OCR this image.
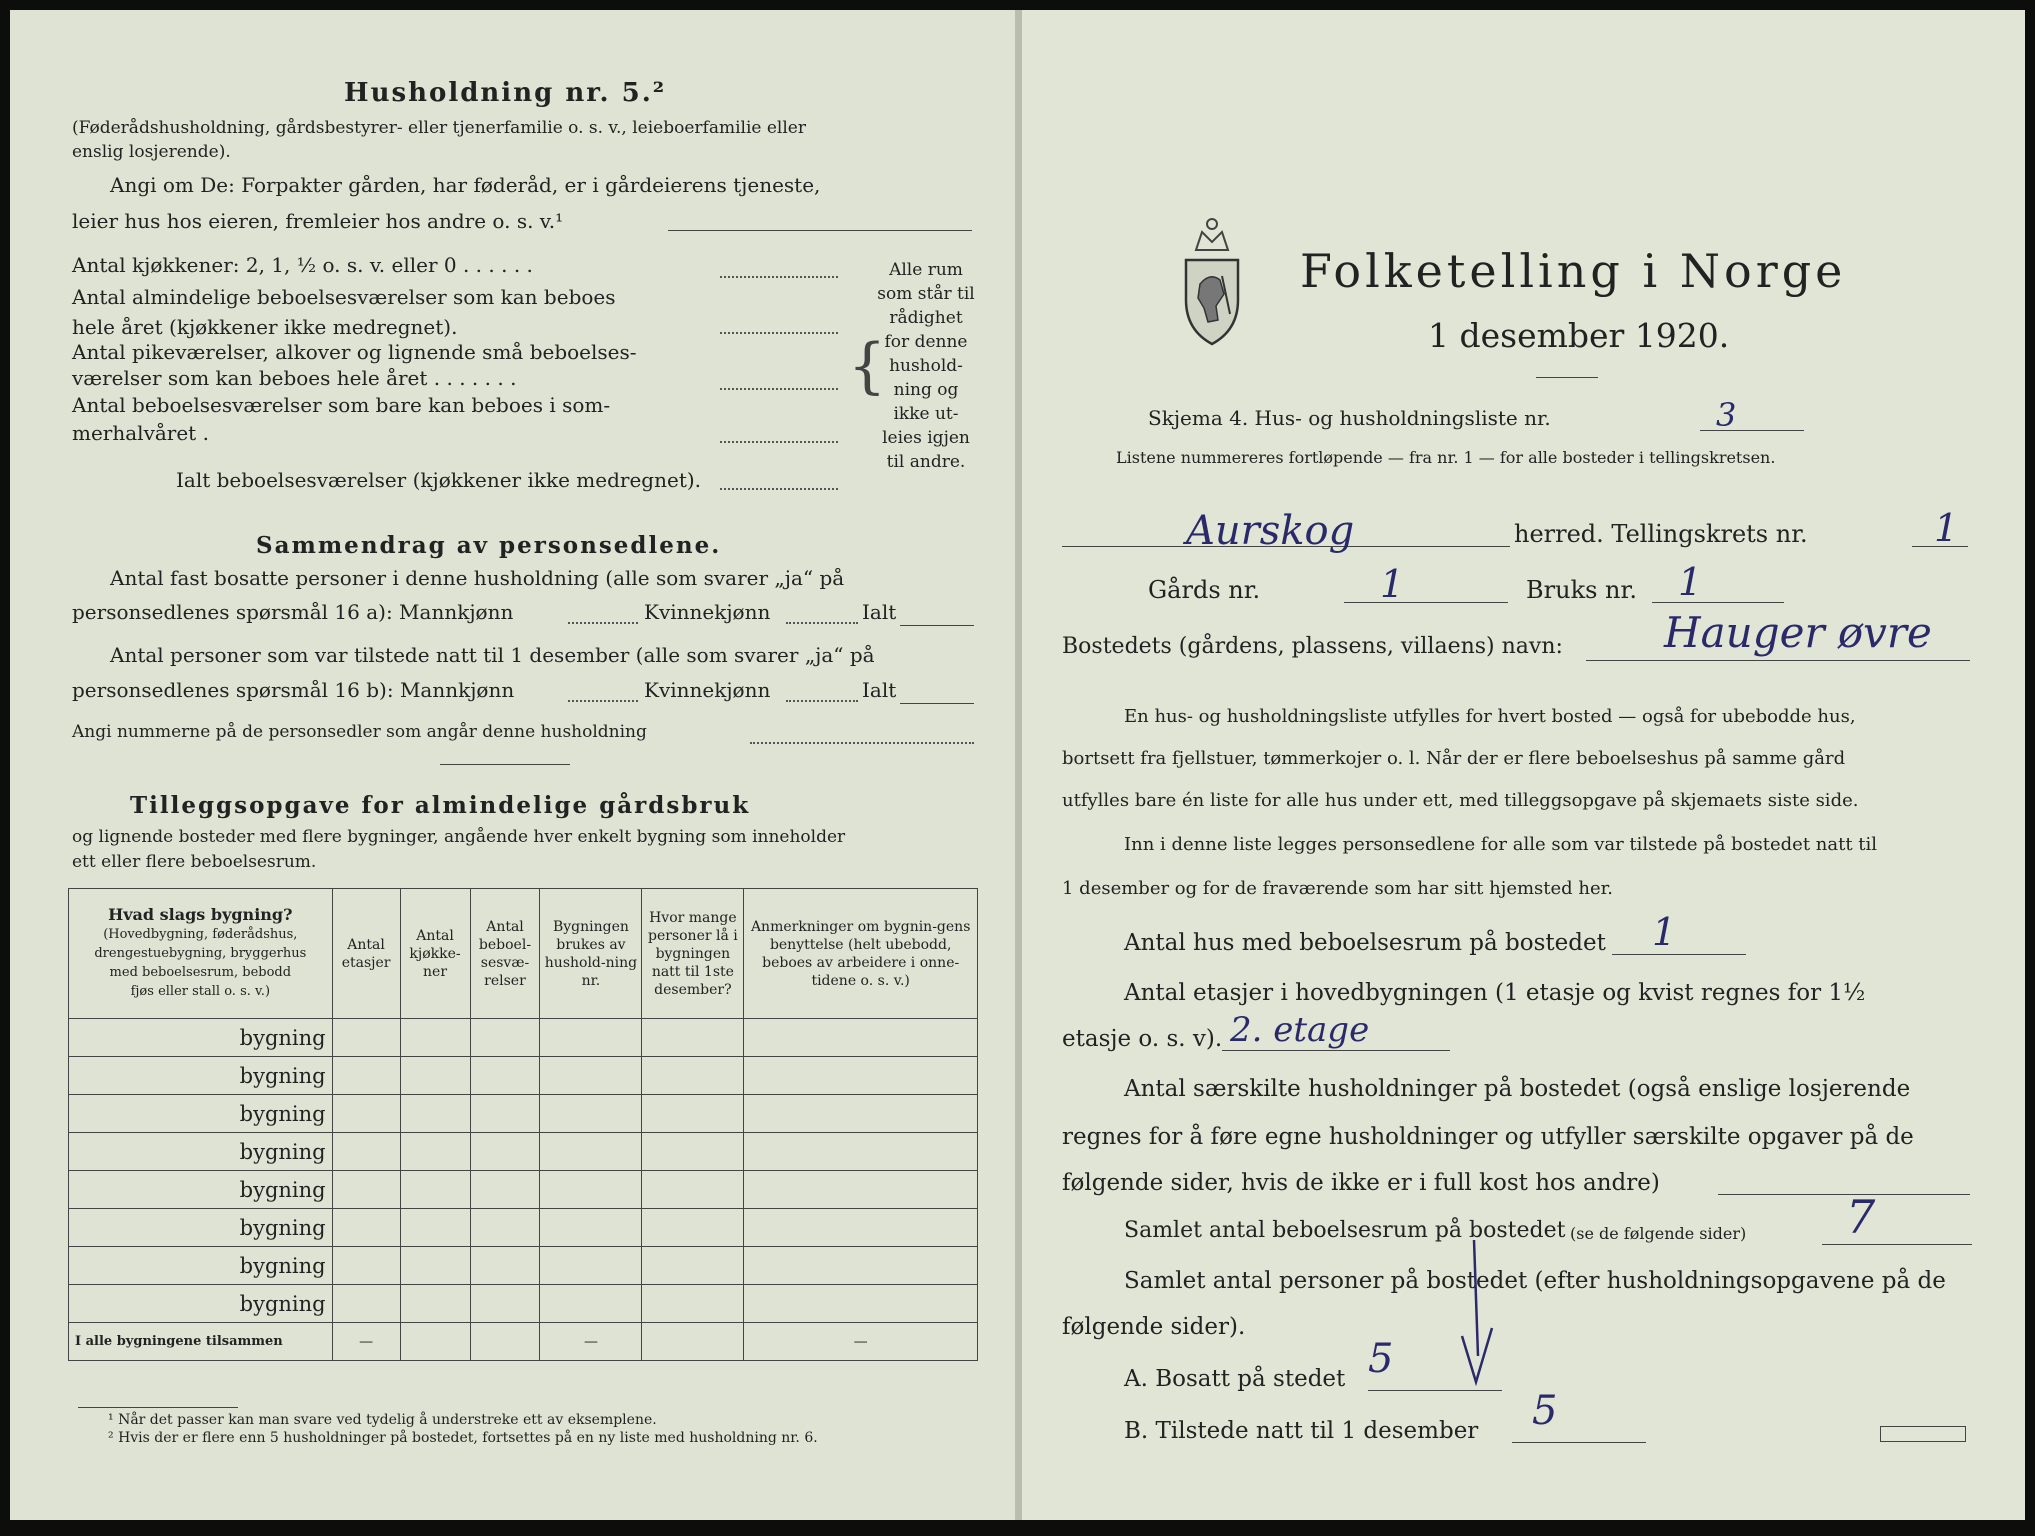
Husholdning nr. 5.²
(Føderådshusholdning, gårdsbestyrer- eller tjenerfamilie o. s. v., leieboerfamilie eller
enslig losjerende).
Angi om De: Forpakter gården, har føderåd, er i gårdeierens tjeneste,
leier hus hos eieren, fremleier hos andre o. s. v.¹
Antal kjøkkener: 2, 1, ½ o. s. v. eller 0 . . . . . .
Antal almindelige beboelsesværelser som kan beboes
hele året (kjøkkener ikke medregnet).
Antal pikeværelser, alkover og lignende små beboelses-
værelser som kan beboes hele året . . . . . . .
Antal beboelsesværelser som bare kan beboes i som-
merhalvåret .
{
Alle rum
som står til
rådighet
for denne
hushold-
ning og
ikke ut-
leies igjen
til andre.
Ialt beboelsesværelser (kjøkkener ikke medregnet).
Sammendrag av personsedlene.
Antal fast bosatte personer i denne husholdning (alle som svarer „ja“ på
personsedlenes spørsmål 16 a): Mannkjønn	Kvinnekjønn	Ialt
Antal personer som var tilstede natt til 1 desember (alle som svarer „ja“ på
personsedlenes spørsmål 16 b): Mannkjønn	Kvinnekjønn	Ialt
Angi nummerne på de personsedler som angår denne husholdning
Tilleggsopgave for almindelige gårdsbruk
og lignende bosteder med flere bygninger, angående hver enkelt bygning som inneholder
ett eller flere beboelsesrum.
Hvad slags bygning?
(Hovedbygning, føderådshus,
drengestuebygning, bryggerhus
med beboelsesrum, bebodd
fjøs eller stall o. s. v.)	Antal etasjer	Antal kjøkke-ner	Antal beboel-sesvæ-relser	Bygningen brukes av hushold-ning nr.	Hvor mange personer lå i bygningen natt til 1ste desember?	Anmerkninger om bygnin-gens benyttelse (helt ubebodd, beboes av arbeidere i onne-tidene o. s. v.)
bygning						
bygning						
bygning						
bygning						
bygning						
bygning						
bygning						
bygning						
I alle bygningene tilsammen	—			—		—
¹ Når det passer kan man svare ved tydelig å understreke ett av eksemplene.
² Hvis der er flere enn 5 husholdninger på bostedet, fortsettes på en ny liste med husholdning nr. 6.
Folketelling i Norge
1 desember 1920.
Skjema 4. Hus- og husholdningsliste nr.	3
Listene nummereres fortløpende — fra nr. 1 — for alle bosteder i tellingskretsen.
Aurskog	herred. Tellingskrets nr.	1
Gårds nr.	1	Bruks nr. 1
Bostedets (gårdens, plassens, villaens) navn: Hauger øvre
En hus- og husholdningsliste utfylles for hvert bosted — også for ubebodde hus,
bortsett fra fjellstuer, tømmerkojer o. l. Når der er flere beboelseshus på samme gård
utfylles bare én liste for alle hus under ett, med tilleggsopgave på skjemaets siste side.
Inn i denne liste legges personsedlene for alle som var tilstede på bostedet natt til
1 desember og for de fraværende som har sitt hjemsted her.
Antal hus med beboelsesrum på bostedet 1
Antal etasjer i hovedbygningen (1 etasje og kvist regnes for 1½
etasje o. s. v). 2. etage
Antal særskilte husholdninger på bostedet (også enslige losjerende
regnes for å føre egne husholdninger og utfyller særskilte opgaver på de
følgende sider, hvis de ikke er i full kost hos andre)
Samlet antal beboelsesrum på bostedet (se de følgende sider) 7
Samlet antal personer på bostedet (efter husholdningsopgavene på de
følgende sider).
A. Bosatt på stedet 5
B. Tilstede natt til 1 desember 5
